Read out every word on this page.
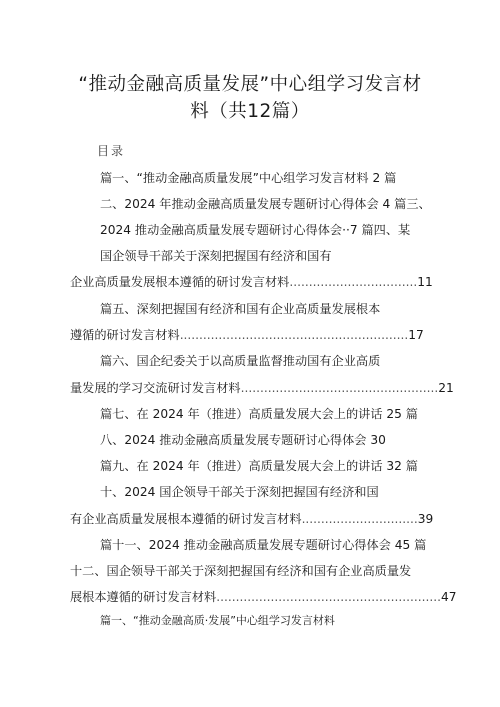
“推动金融高质量发展”中心组学习发言材
料（共12篇）
目录
篇一、“推动金融高质量发展”中心组学习发言材料 2 篇
二、2024 年推动金融高质量发展专题研讨心得体会 4 篇三、
2024 推动金融高质量发展专题研讨心得体会··7 篇四、某
国企领导干部关于深刻把握国有经济和国有
企业高质量发展根本遵循的研讨发言材料.................................11
篇五、深刻把握国有经济和国有企业高质量发展根本
遵循的研讨发言材料...........................................................17
篇六、国企纪委关于以高质量监督推动国有企业高质
量发展的学习交流研讨发言材料...................................................21
篇七、在 2024 年（推进）高质量发展大会上的讲话 25 篇
八、2024 推动金融高质量发展专题研讨心得体会 30
篇九、在 2024 年（推进）高质量发展大会上的讲话 32 篇
十、2024 国企领导干部关于深刻把握国有经济和国
有企业高质量发展根本遵循的研讨发言材料..............................39
篇十一、2024 推动金融高质量发展专题研讨心得体会 45 篇
十二、国企领导干部关于深刻把握国有经济和国有企业高质量发
展根本遵循的研讨发言材料..........................................................47
篇一、“推动金融高质·发展”中心组学习发言材料
